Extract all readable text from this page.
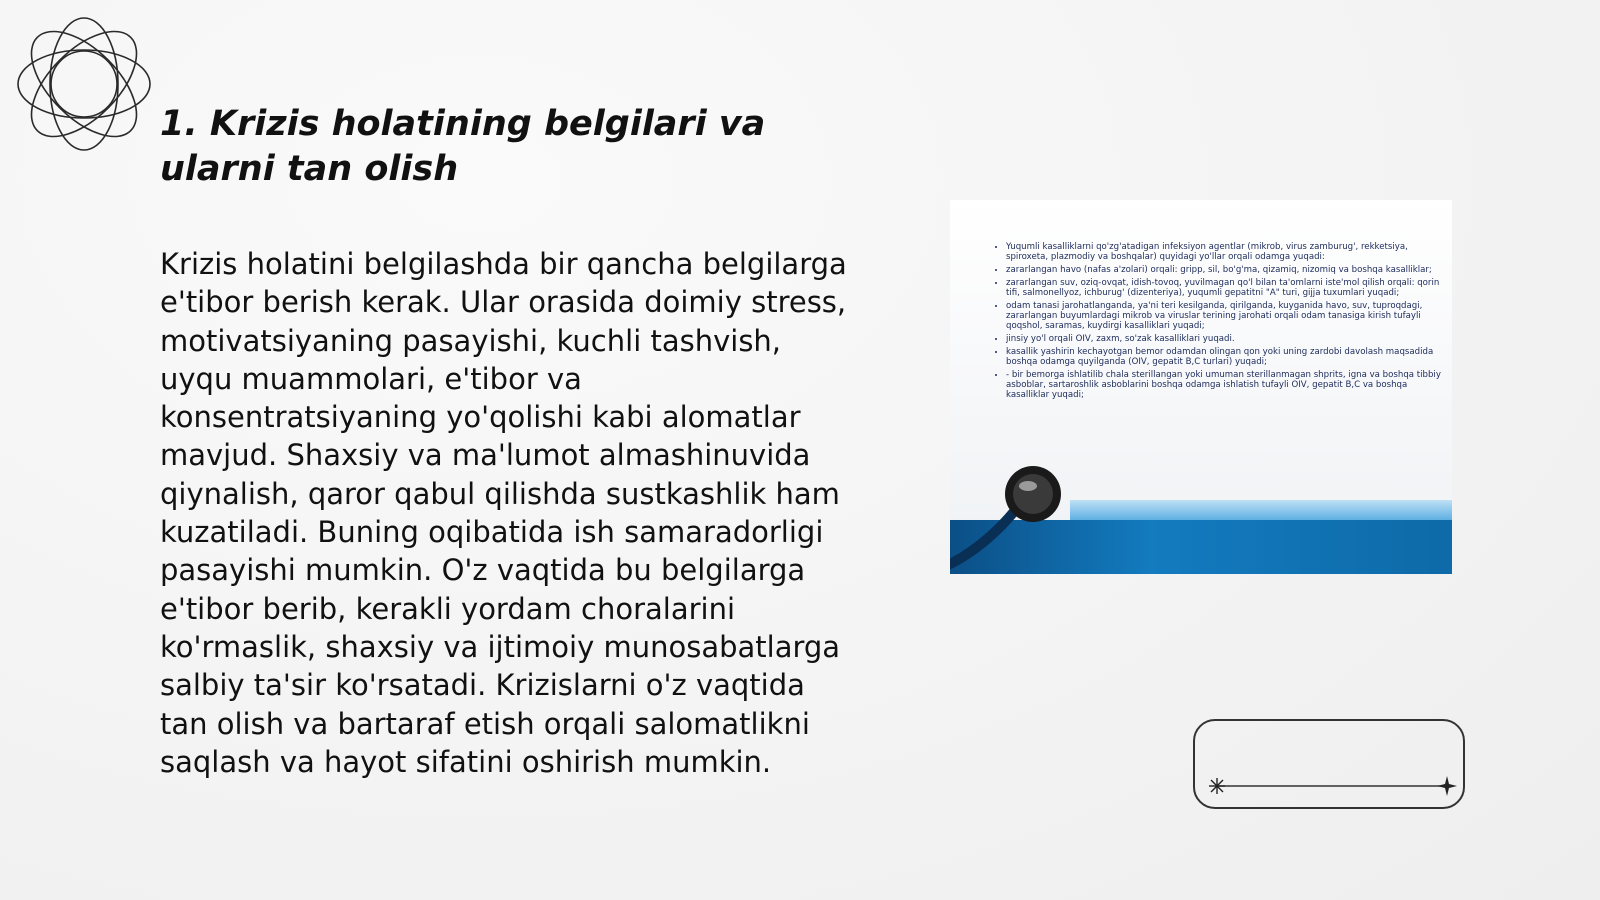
1. Krizis holatining belgilari va ularni tan olish

Krizis holatini belgilashda bir qancha belgilarga e'tibor berish kerak. Ular orasida doimiy stress, motivatsiyaning pasayishi, kuchli tashvish, uyqu muammolari, e'tibor va konsentratsiyaning yo'qolishi kabi alomatlar mavjud. Shaxsiy va ma'lumot almashinuvida qiynalish, qaror qabul qilishda sustkashlik ham kuzatiladi. Buning oqibatida ish samaradorligi pasayishi mumkin. O'z vaqtida bu belgilarga e'tibor berib, kerakli yordam choralarini ko'rmaslik, shaxsiy va ijtimoiy munosabatlarga salbiy ta'sir ko'rsatadi. Krizislarni o'z vaqtida tan olish va bartaraf etish orqali salomatlikni saqlash va hayot sifatini oshirish mumkin.

• Yuqumli kasalliklarni qo'zg'atadigan infeksiyon agentlar (mikrob, virus zamburug', rekketsiya, spiroxeta, plazmodiy va boshqalar) quyidagi yo'llar orqali odamga yuqadi:
• zararlangan havo (nafas a'zolari) orqali: gripp, sil, bo'g'ma, qizamiq, nizomiq va boshqa kasalliklar;
• zararlangan suv, oziq-ovqat, idish-tovoq, yuvilmagan qo'l bilan ta'omlarni iste'mol qilish orqali: qorin tifi, salmonellyoz, ichburug' (dizenteriya), yuqumli gepatitni "A" turi, gijja tuxumlari yuqadi;
• odam tanasi jarohatlanganda, ya'ni teri kesilganda, qirilganda, kuyganida havo, suv, tuproqdagi, zararlangan buyumlardagi mikrob va viruslar terining jarohati orqali odam tanasiga kirish tufayli qoqshol, saramas, kuydirgi kasalliklari yuqadi;
• jinsiy yo'l orqali OIV, zaxm, so'zak kasalliklari yuqadi.
• kasallik yashirin kechayotgan bemor odamdan olingan qon yoki uning zardobi davolash maqsadida boshqa odamga quyilganda (OIV, gepatit B,C turlari) yuqadi;
• - bir bemorga ishlatilib chala sterillangan yoki umuman sterillanmagan shprits, igna va boshqa tibbiy asboblar, sartaroshlik asboblarini boshqa odamga ishlatish tufayli OIV, gepatit B,C va boshqa kasalliklar yuqadi;
